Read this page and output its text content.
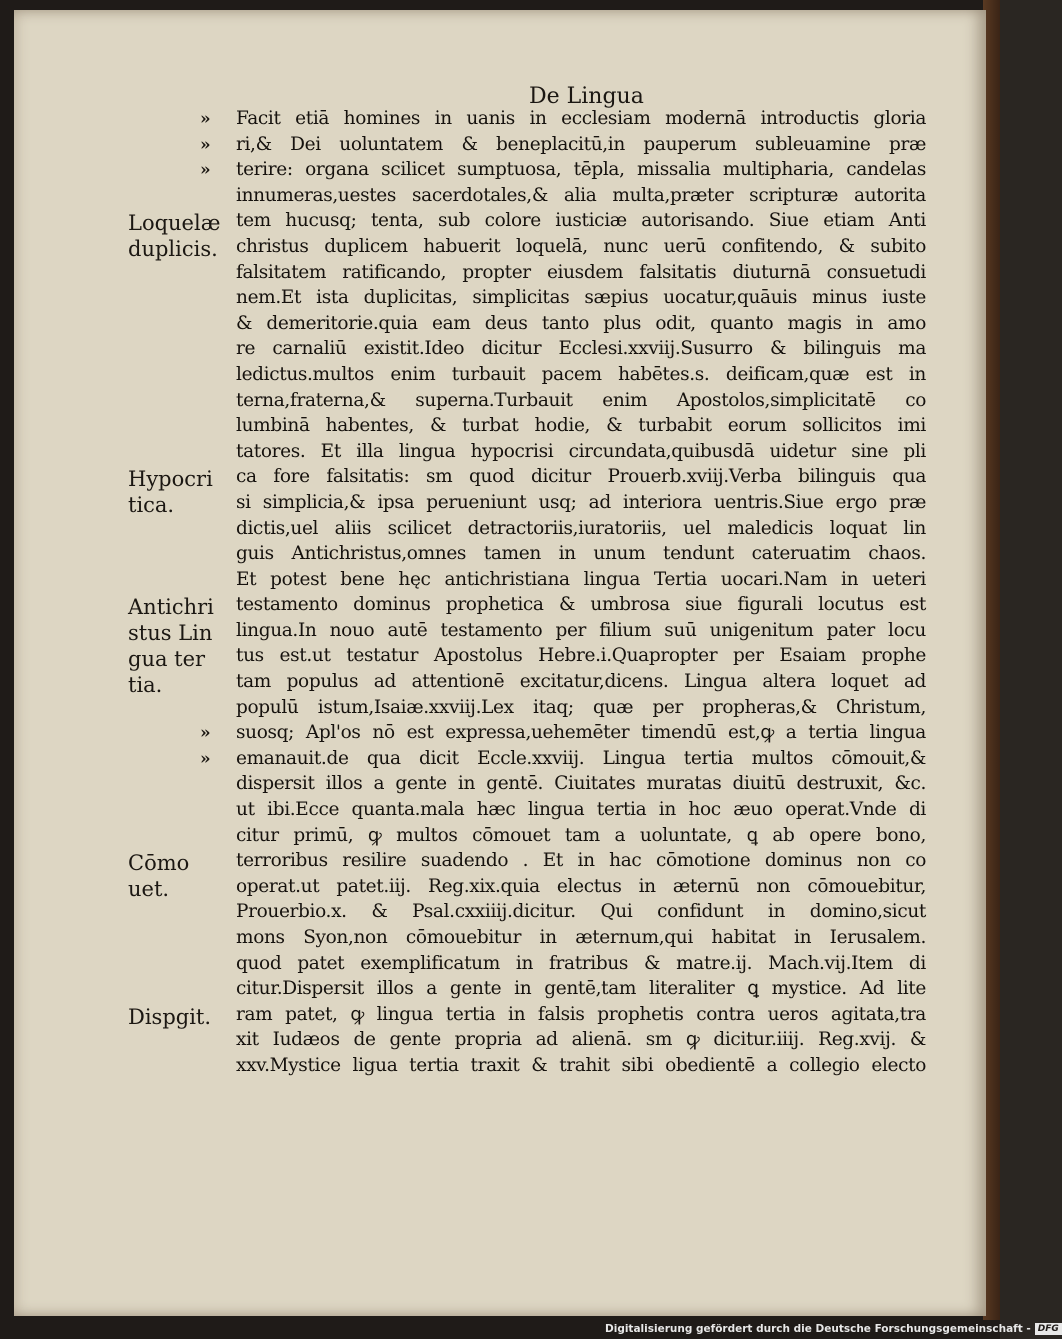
De Lingua
Loquelæ
duplicis.
Hypocri
tica.
Antichri
stus Lin
gua ter
tia.
Cōmo
uet.
Dispgit.
»
»
»
»
»
Facit etiā homines in uanis in ecclesiam modernā introductis gloria
ri,& Dei uoluntatem & beneplacitū,in pauperum subleuamine præ
terire: organa scilicet sumptuosa, tēpla, missalia multipharia, candelas
innumeras,uestes sacerdotales,& alia multa,præter scripturæ autorita
tem hucusq; tenta, sub colore iusticiæ autorisando. Siue etiam Anti
christus duplicem habuerit loquelā, nunc uerū confitendo, & subito
falsitatem ratificando, propter eiusdem falsitatis diuturnā consuetudi
nem.Et ista duplicitas, simplicitas sæpius uocatur,quāuis minus iuste
& demeritorie.quia eam deus tanto plus odit, quanto magis in amo
re carnaliū existit.Ideo dicitur Ecclesi.xxviij.Susurro & bilinguis ma
ledictus.multos enim turbauit pacem habētes.s. deificam,quæ est in
terna,fraterna,& superna.Turbauit enim Apostolos,simplicitatē co
lumbinā habentes, & turbat hodie, & turbabit eorum sollicitos imi
tatores. Et illa lingua hypocrisi circundata,quibusdā uidetur sine pli
ca fore falsitatis: sm quod dicitur Prouerb.xviij.Verba bilinguis qua
si simplicia,& ipsa perueniunt usq; ad interiora uentris.Siue ergo præ
dictis,uel aliis scilicet detractoriis,iuratoriis, uel maledicis loquat lin
guis Antichristus,omnes tamen in unum tendunt cateruatim chaos.
Et potest bene hęc antichristiana lingua Tertia uocari.Nam in ueteri
testamento dominus prophetica & umbrosa siue figurali locutus est
lingua.In nouo autē testamento per filium suū unigenitum pater locu
tus est.ut testatur Apostolus Hebre.i.Quapropter per Esaiam prophe
tam populus ad attentionē excitatur,dicens. Lingua altera loquet ad
populū istum,Isaiæ.xxviij.Lex itaq; quæ per propheras,& Christum,
suosq; Apl'os nō est expressa,uehemēter timendū est,ꝙ a tertia lingua
emanauit.de qua dicit Eccle.xxviij. Lingua tertia multos cōmouit,&
dispersit illos a gente in gentē. Ciuitates muratas diuitū destruxit, &c.
ut ibi.Ecce quanta.mala hæc lingua tertia in hoc æuo operat.Vnde di
citur primū, ꝙ multos cōmouet tam a uoluntate, ꝗ ab opere bono,
terroribus resilire suadendo . Et in hac cōmotione dominus non co
operat.ut patet.iij. Reg.xix.quia electus in æternū non cōmouebitur,
Prouerbio.x. & Psal.cxxiiij.dicitur. Qui confidunt in domino,sicut
mons Syon,non cōmouebitur in æternum,qui habitat in Ierusalem.
quod patet exemplificatum in fratribus & matre.ij. Mach.vij.Item di
citur.Dispersit illos a gente in gentē,tam literaliter ꝗ mystice. Ad lite
ram patet, ꝙ lingua tertia in falsis prophetis contra ueros agitata,tra
xit Iudæos de gente propria ad alienā. sm ꝙ dicitur.iiij. Reg.xvij. &
xxv.Mystice ligua tertia traxit & trahit sibi obedientē a collegio electo
Digitalisierung gefördert durch die Deutsche Forschungsgemeinschaft - DFG
